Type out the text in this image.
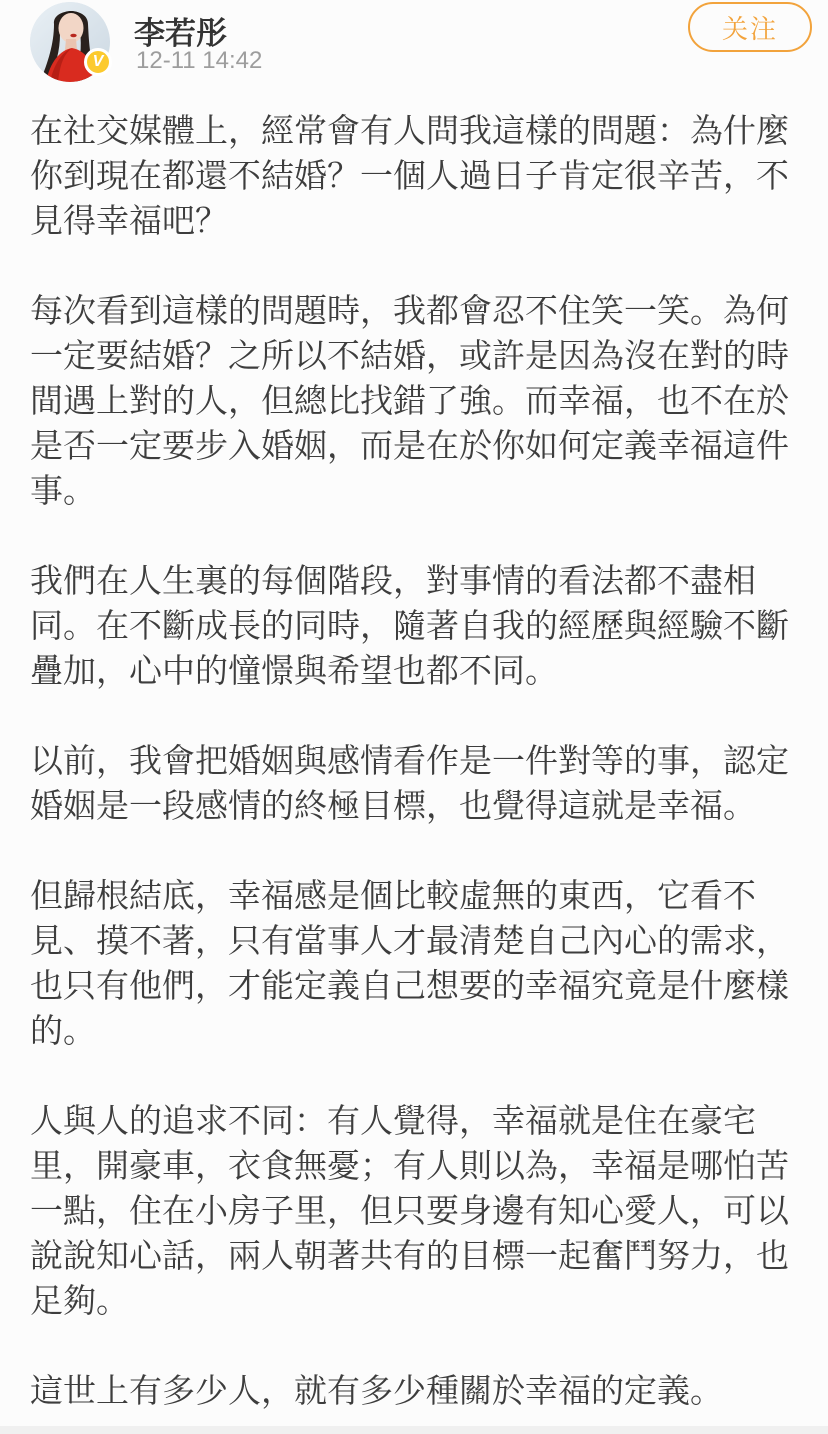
V
李若彤
12-11 14:42
关注

在社交媒體上，經常會有人問我這樣的問題：為什麼你到現在都還不結婚？一個人過日子肯定很辛苦，不見得幸福吧？

每次看到這樣的問題時，我都會忍不住笑一笑。為何一定要結婚？之所以不結婚，或許是因為沒在對的時間遇上對的人，但總比找錯了強。而幸福，也不在於是否一定要步入婚姻，而是在於你如何定義幸福這件事。

我們在人生裏的每個階段，對事情的看法都不盡相同。在不斷成長的同時，隨著自我的經歷與經驗不斷疊加，心中的憧憬與希望也都不同。

以前，我會把婚姻與感情看作是一件對等的事，認定婚姻是一段感情的終極目標，也覺得這就是幸福。

但歸根結底，幸福感是個比較虛無的東西，它看不見、摸不著，只有當事人才最清楚自己內心的需求，也只有他們，才能定義自己想要的幸福究竟是什麼樣的。

人與人的追求不同：有人覺得，幸福就是住在豪宅里，開豪車，衣食無憂；有人則以為，幸福是哪怕苦一點，住在小房子里，但只要身邊有知心愛人，可以說說知心話，兩人朝著共有的目標一起奮鬥努力，也足夠。

這世上有多少人，就有多少種關於幸福的定義。
